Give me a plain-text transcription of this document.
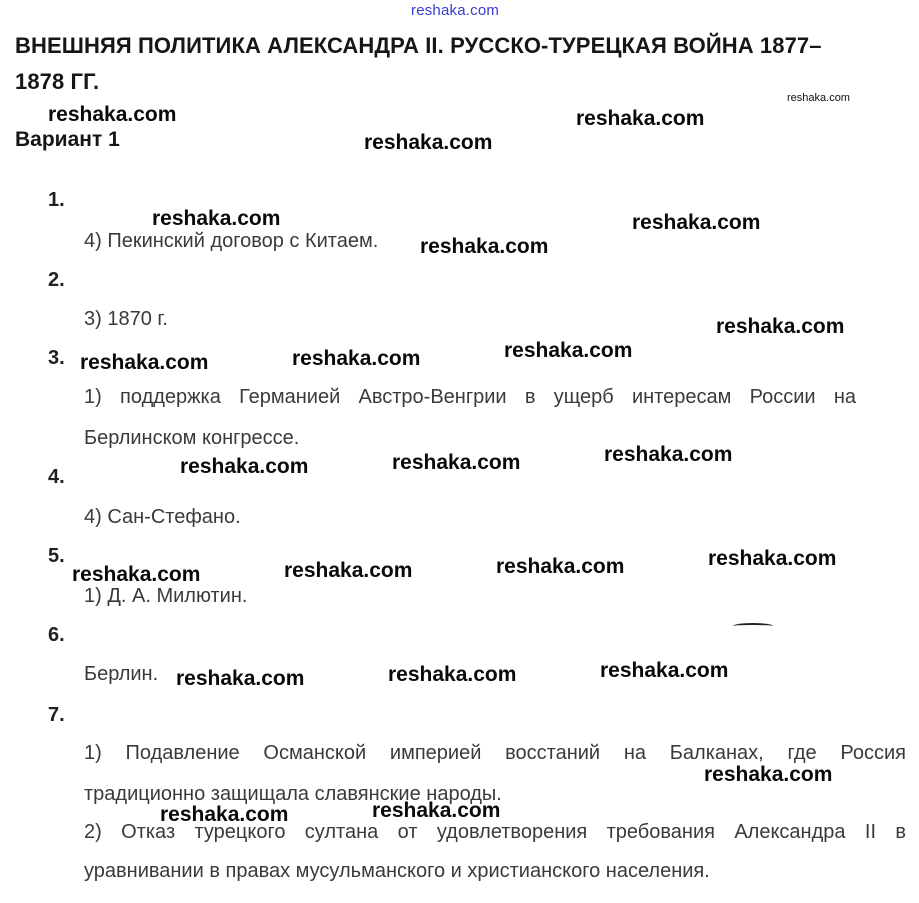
reshaka.com
ВНЕШНЯЯ ПОЛИТИКА АЛЕКСАНДРА II. РУССКО-ТУРЕЦКАЯ ВОЙНА 1877–
1878 ГГ.
Вариант 1
1.
4) Пекинский договор с Китаем.
2.
3) 1870 г.
3.
1) поддержка Германией Австро-Венгрии в ущерб интересам России на
Берлинском конгрессе.
4.
4) Сан-Стефано.
5.
1) Д. А. Милютин.
6.
Берлин.
7.
1) Подавление Османской империей восстаний на Балканах, где Россия
традиционно защищала славянские народы.
2) Отказ турецкого султана от удовлетворения требования Александра II в
уравнивании в правах мусульманского и христианского населения.
reshaka.com
reshaka.com	reshaka.com
reshaka.com
reshaka.com	reshaka.com
reshaka.com
reshaka.com
reshaka.com
reshaka.com
reshaka.com
reshaka.com
reshaka.com
reshaka.com
reshaka.com
reshaka.com
reshaka.com
reshaka.com
reshaka.com
reshaka.com
reshaka.com
reshaka.com
reshaka.com
reshaka.com
